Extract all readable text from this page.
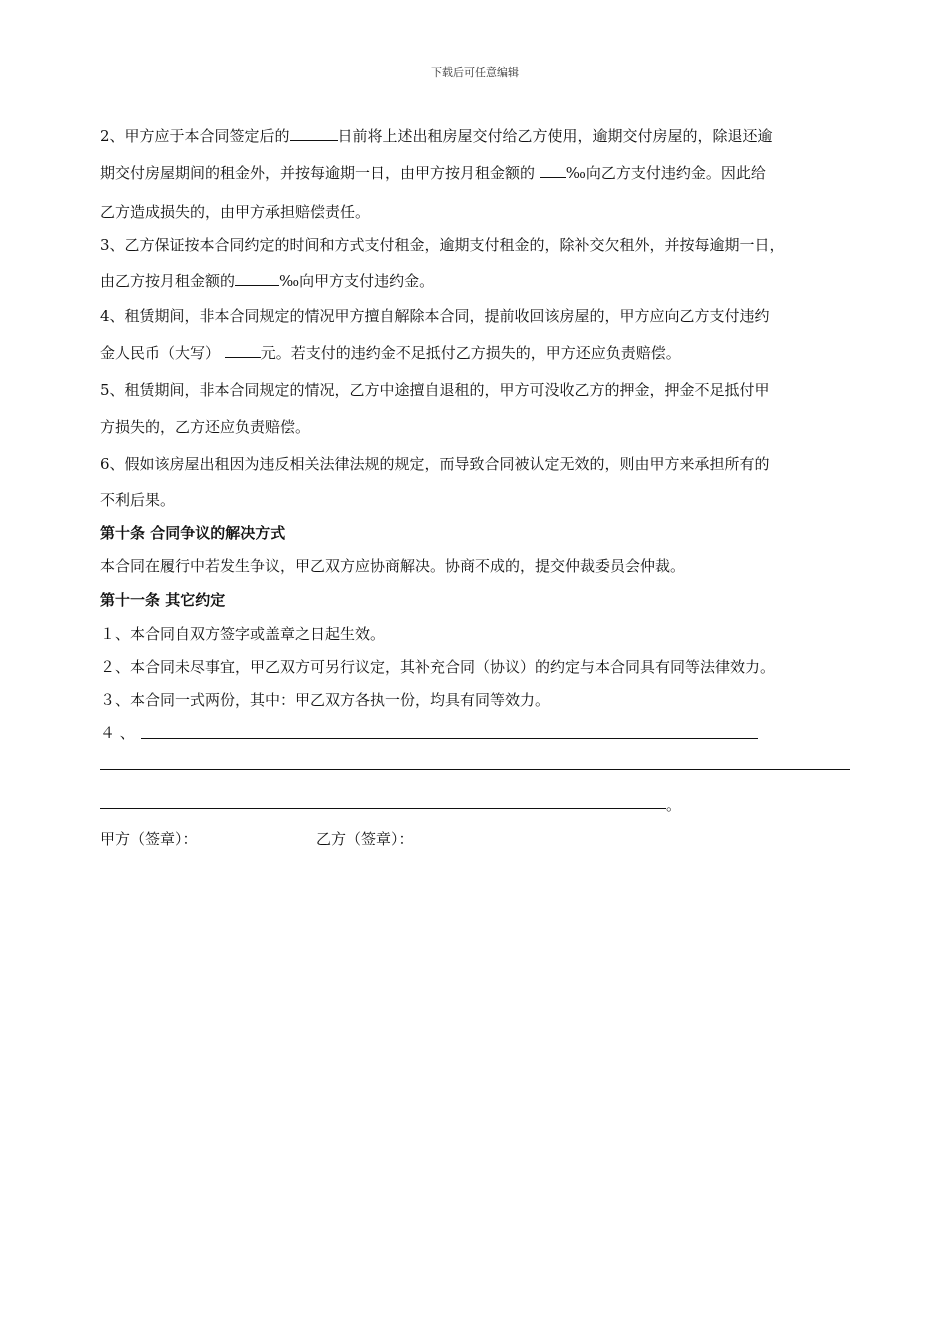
下载后可任意编辑
2、甲方应于本合同签定后的	日前将上述出租房屋交付给乙方使用，逾期交付房屋的，除退还逾
期交付房屋期间的租金外，并按每逾期一日，由甲方按月租金额的 ‰向乙方支付违约金。因此给
乙方造成损失的，由甲方承担赔偿责任。
3、乙方保证按本合同约定的时间和方式支付租金，逾期支付租金的，除补交欠租外，并按每逾期一日，
由乙方按月租金额的	‰向甲方支付违约金。
4、租赁期间，非本合同规定的情况甲方擅自解除本合同，提前收回该房屋的，甲方应向乙方支付违约
金人民币（大写）	元。若支付的违约金不足抵付乙方损失的，甲方还应负责赔偿。
5、租赁期间，非本合同规定的情况，乙方中途擅自退租的，甲方可没收乙方的押金，押金不足抵付甲
方损失的，乙方还应负责赔偿。
6、假如该房屋出租因为违反相关法律法规的规定，而导致合同被认定无效的，则由甲方来承担所有的
不利后果。
第十条 合同争议的解决方式
本合同在履行中若发生争议，甲乙双方应协商解决。协商不成的，提交仲裁委员会仲裁。
第十一条 其它约定
１、本合同自双方签字或盖章之日起生效。
２、本合同未尽事宜，甲乙双方可另行议定，其补充合同（协议）的约定与本合同具有同等法律效力。
３、本合同一式两份，其中：甲乙双方各执一份，均具有同等效力。
４ 、
。
甲方（签章）：	乙方（签章）：
